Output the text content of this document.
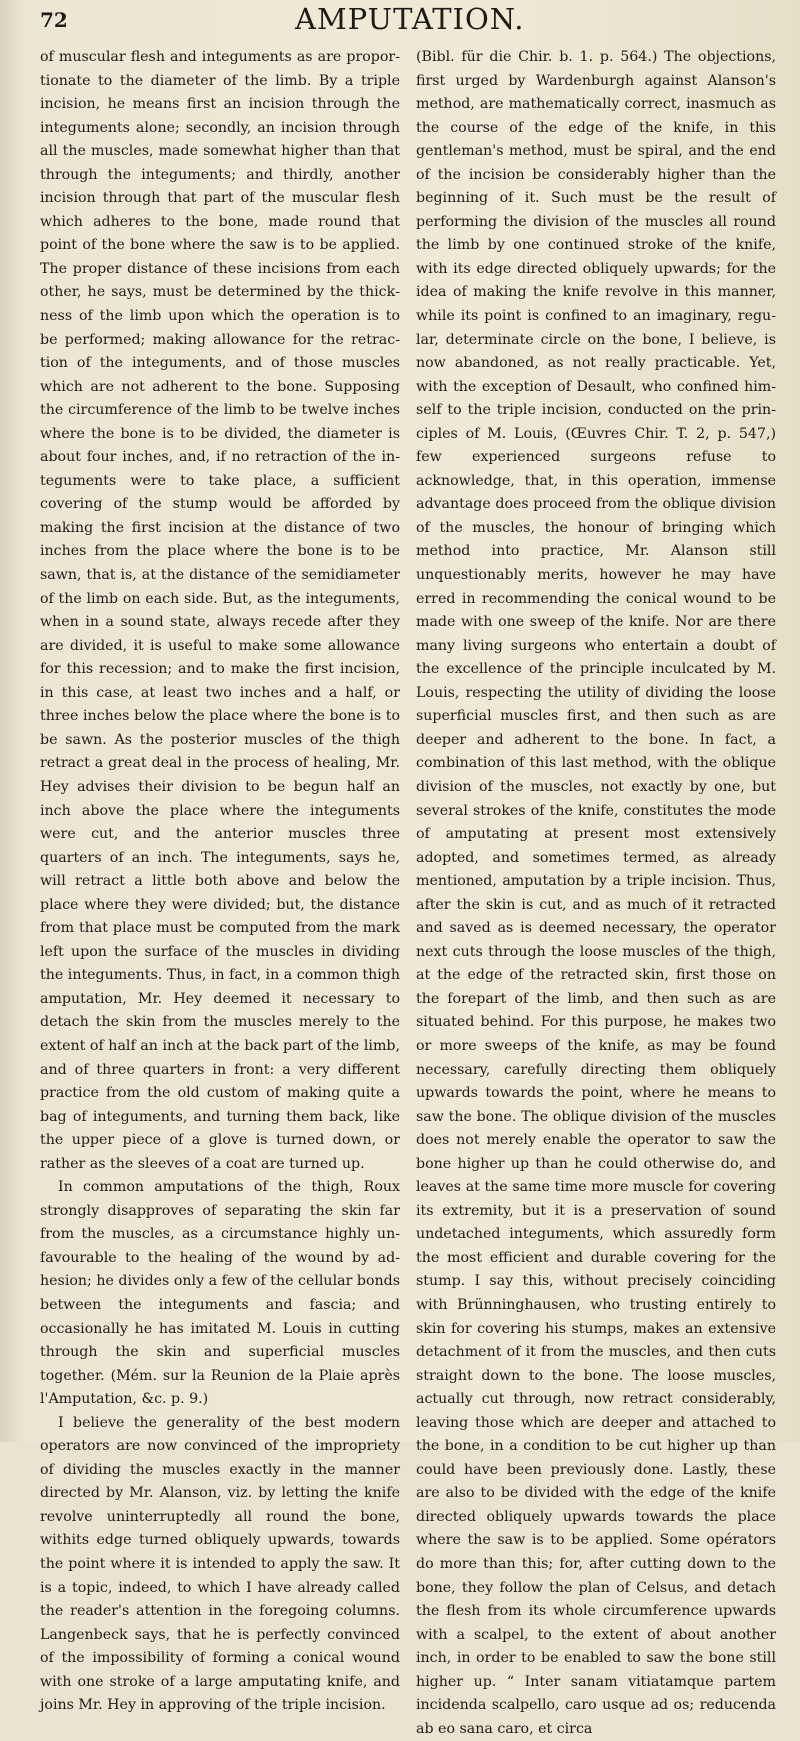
72	AMPUTATION.

of muscular flesh and integuments as are proportionate to the diameter of the limb. By a triple incision, he means first an incision through the integuments alone; secondly, an incision through all the muscles, made somewhat higher than that through the integuments; and thirdly, another incision through that part of the muscular flesh which adheres to the bone, made round that point of the bone where the saw is to be applied. The proper distance of these incisions from each other, he says, must be determined by the thickness of the limb upon which the operation is to be performed; making allowance for the retraction of the integuments, and of those muscles which are not adherent to the bone. Supposing the circumference of the limb to be twelve inches where the bone is to be divided, the diameter is about four inches, and, if no retraction of the integuments were to take place, a sufficient covering of the stump would be afforded by making the first incision at the distance of two inches from the place where the bone is to be sawn, that is, at the distance of the semidiameter of the limb on each side. But, as the integuments, when in a sound state, always recede after they are divided, it is useful to make some allowance for this recession; and to make the first incision, in this case, at least two inches and a half, or three inches below the place where the bone is to be sawn. As the posterior muscles of the thigh retract a great deal in the process of healing, Mr. Hey advises their division to be begun half an inch above the place where the integuments were cut, and the anterior muscles three quarters of an inch. The integuments, says he, will retract a little both above and below the place where they were divided; but, the distance from that place must be computed from the mark left upon the surface of the muscles in dividing the integuments. Thus, in fact, in a common thigh amputation, Mr. Hey deemed it necessary to detach the skin from the muscles merely to the extent of half an inch at the back part of the limb, and of three quarters in front: a very different practice from the old custom of making quite a bag of integuments, and turning them back, like the upper piece of a glove is turned down, or rather as the sleeves of a coat are turned up.

In common amputations of the thigh, Roux strongly disapproves of separating the skin far from the muscles, as a circumstance highly unfavourable to the healing of the wound by adhesion; he divides only a few of the cellular bonds between the integuments and fascia; and occasionally he has imitated M. Louis in cutting through the skin and superficial muscles together. (Mém. sur la Reunion de la Plaie après l'Amputation, &c. p. 9.)

I believe the generality of the best modern operators are now convinced of the impropriety of dividing the muscles exactly in the manner directed by Mr. Alanson, viz. by letting the knife revolve uninterruptedly all round the bone, withits edge turned obliquely upwards, towards the point where it is intended to apply the saw. It is a topic, indeed, to which I have already called the reader's attention in the foregoing columns. Langenbeck says, that he is perfectly convinced of the impossibility of forming a conical wound with one stroke of a large amputating knife, and joins Mr. Hey in approving of the triple incision.

(Bibl. für die Chir. b. 1. p. 564.) The objections, first urged by Wardenburgh against Alanson's method, are mathematically correct, inasmuch as the course of the edge of the knife, in this gentleman's method, must be spiral, and the end of the incision be considerably higher than the beginning of it. Such must be the result of performing the division of the muscles all round the limb by one continued stroke of the knife, with its edge directed obliquely upwards; for the idea of making the knife revolve in this manner, while its point is confined to an imaginary, regular, determinate circle on the bone, I believe, is now abandoned, as not really practicable. Yet, with the exception of Desault, who confined himself to the triple incision, conducted on the principles of M. Louis, (Œuvres Chir. T. 2, p. 547,) few experienced surgeons refuse to acknowledge, that, in this operation, immense advantage does proceed from the oblique division of the muscles, the honour of bringing which method into practice, Mr. Alanson still unquestionably merits, however he may have erred in recommending the conical wound to be made with one sweep of the knife. Nor are there many living surgeons who entertain a doubt of the excellence of the principle inculcated by M. Louis, respecting the utility of dividing the loose superficial muscles first, and then such as are deeper and adherent to the bone. In fact, a combination of this last method, with the oblique division of the muscles, not exactly by one, but several strokes of the knife, constitutes the mode of amputating at present most extensively adopted, and sometimes termed, as already mentioned, amputation by a triple incision. Thus, after the skin is cut, and as much of it retracted and saved as is deemed necessary, the operator next cuts through the loose muscles of the thigh, at the edge of the retracted skin, first those on the forepart of the limb, and then such as are situated behind. For this purpose, he makes two or more sweeps of the knife, as may be found necessary, carefully directing them obliquely upwards towards the point, where he means to saw the bone. The oblique division of the muscles does not merely enable the operator to saw the bone higher up than he could otherwise do, and leaves at the same time more muscle for covering its extremity, but it is a preservation of sound undetached integuments, which assuredly form the most efficient and durable covering for the stump. I say this, without precisely coinciding with Brünninghausen, who trusting entirely to skin for covering his stumps, makes an extensive detachment of it from the muscles, and then cuts straight down to the bone. The loose muscles, actually cut through, now retract considerably, leaving those which are deeper and attached to the bone, in a condition to be cut higher up than could have been previously done. Lastly, these are also to be divided with the edge of the knife directed obliquely upwards towards the place where the saw is to be applied. Some opérators do more than this; for, after cutting down to the bone, they follow the plan of Celsus, and detach the flesh from its whole circumference upwards with a scalpel, to the extent of about another inch, in order to be enabled to saw the bone still higher up. “ Inter sanam vitiatamque partem incidenda scalpello, caro usque ad os; reducenda ab eo sana caro, et circa
